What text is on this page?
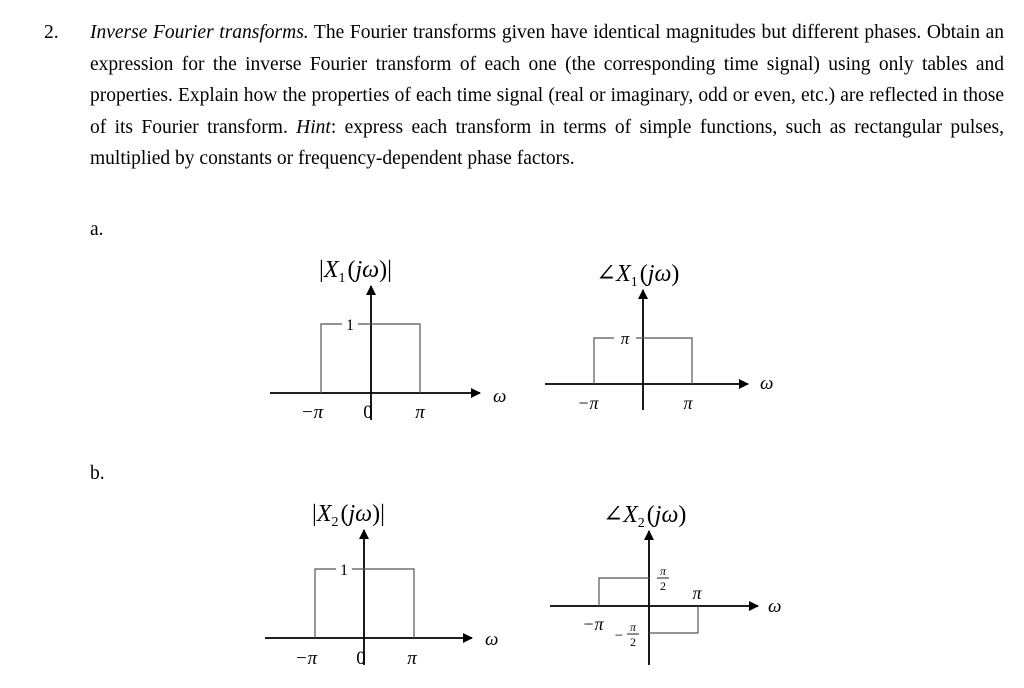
2. Inverse Fourier transforms. The Fourier transforms given have identical magnitudes but different phases. Obtain an expression for the inverse Fourier transform of each one (the corresponding time signal) using only tables and properties. Explain how the properties of each time signal (real or imaginary, odd or even, etc.) are reflected in those of its Fourier transform. Hint: express each transform in terms of simple functions, such as rectangular pulses, multiplied by constants or frequency-dependent phase factors.
a.
b.
$|X_1(j\omega)|$
1
−π 0 π
ω
$\angle X_1(j\omega)$
π
−π	π
ω
$|X_2(j\omega)|$
1
−π 0 π
ω
$\angle X_2(j\omega)$
π
2
−
π
2
−π
π
ω
